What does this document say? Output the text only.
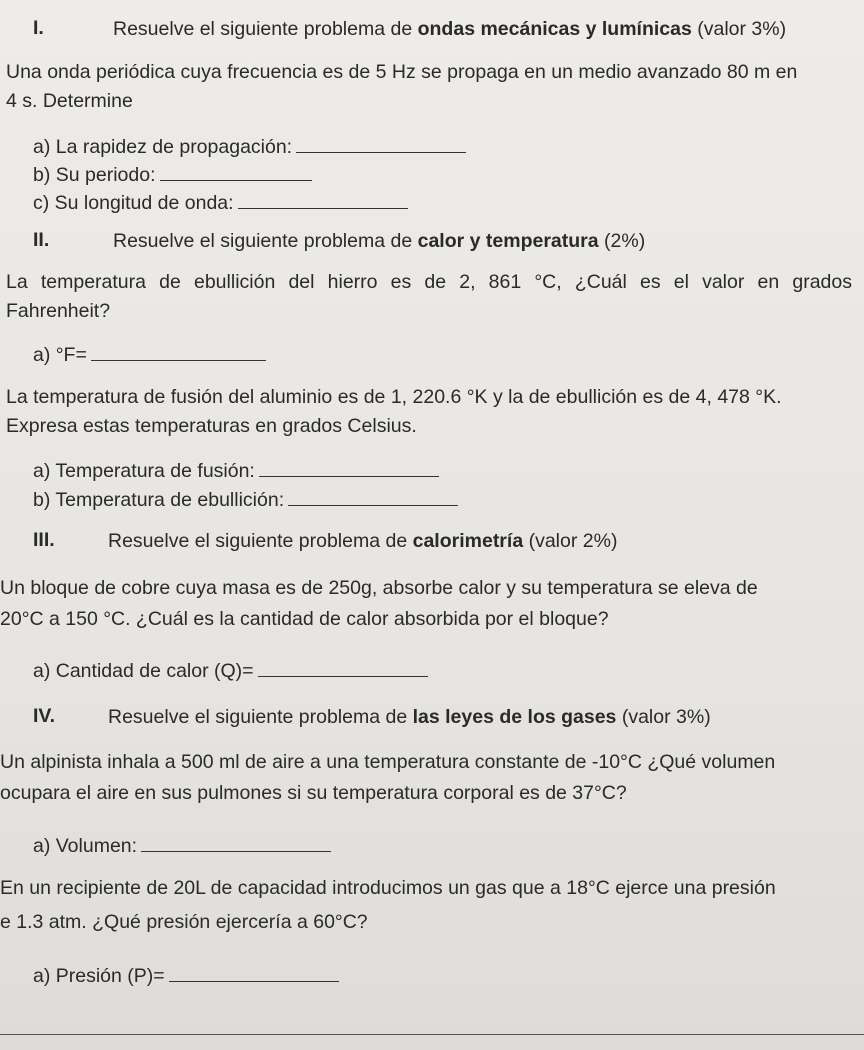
I.	Resuelve el siguiente problema de ondas mecánicas y lumínicas (valor 3%)
Una onda periódica cuya frecuencia es de 5 Hz se propaga en un medio avanzado 80 m en
4 s. Determine
a) La rapidez de propagación:
b) Su periodo:
c) Su longitud de onda:
II.	Resuelve el siguiente problema de calor y temperatura (2%)
La temperatura de ebullición del hierro es de 2, 861 °C, ¿Cuál es el valor en grados
Fahrenheit?
a) °F=
La temperatura de fusión del aluminio es de 1, 220.6 °K y la de ebullición es de 4, 478 °K.
Expresa estas temperaturas en grados Celsius.
a) Temperatura de fusión:
b) Temperatura de ebullición:
III.	Resuelve el siguiente problema de calorimetría (valor 2%)
Un bloque de cobre cuya masa es de 250g, absorbe calor y su temperatura se eleva de
20°C a 150 °C. ¿Cuál es la cantidad de calor absorbida por el bloque?
a) Cantidad de calor (Q)=
IV.	Resuelve el siguiente problema de las leyes de los gases (valor 3%)
Un alpinista inhala a 500 ml de aire a una temperatura constante de -10°C ¿Qué volumen
ocupara el aire en sus pulmones si su temperatura corporal es de 37°C?
a) Volumen:
En un recipiente de 20L de capacidad introducimos un gas que a 18°C ejerce una presión
e 1.3 atm. ¿Qué presión ejercería a 60°C?
a) Presión (P)=
